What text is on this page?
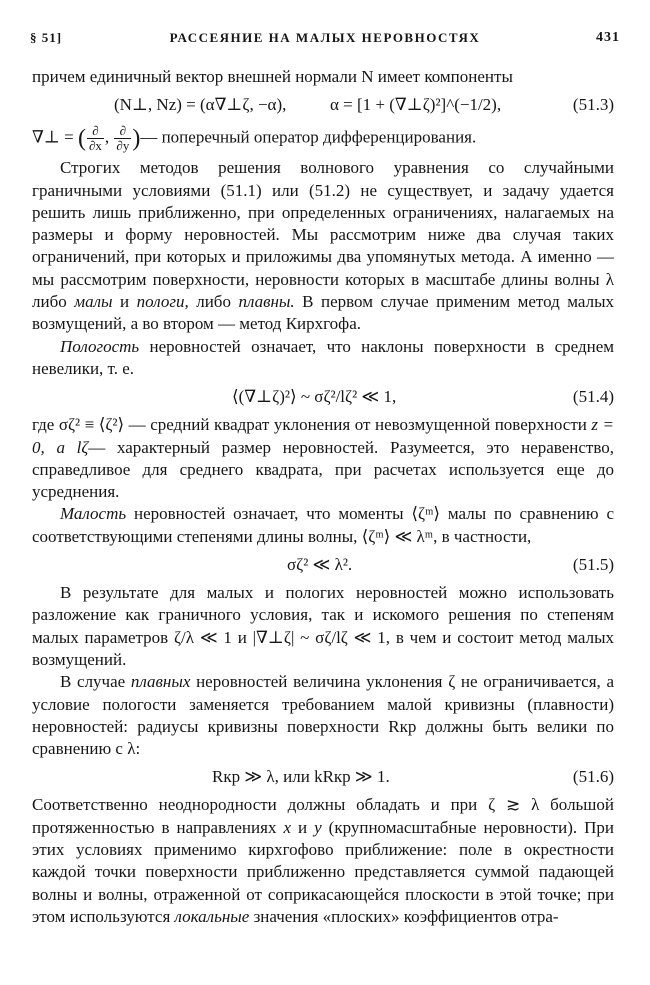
§ 51]	РАССЕЯНИЕ НА МАЛЫХ НЕРОВНОСТЯХ	431

причем единичный вектор внешней нормали N имеет компоненты

(N⊥, Nz) = (α∇⊥ζ, −α),	α = [1 + (∇⊥ζ)²]^(−1/2),	(51.3)
∇⊥ = ( $\frac{\partial}{\partial x}$ , $\frac{\partial}{\partial y}$ )— поперечный оператор дифференцирования.

Строгих методов решения волнового уравнения со случайными граничными условиями (51.1) или (51.2) не существует, и задачу удается решить лишь приближенно, при определенных ограничениях, налагаемых на размеры и форму неровностей. Мы рассмотрим ниже два случая таких ограничений, при которых и приложимы два упомянутых метода. А именно — мы рассмотрим поверхности, неровности которых в масштабе длины волны λ либо малы и пологи, либо плавны. В первом случае применим метод малых возмущений, а во втором — метод Кирхгофа.

Пологость неровностей означает, что наклоны поверхности в среднем невелики, т. е.

⟨(∇⊥ζ)²⟩ ~ σζ²/lζ² ≪ 1,	(51.4)

где σζ² ≡ ⟨ζ²⟩ — средний квадрат уклонения от невозмущенной поверхности z = 0, а lζ— характерный размер неровностей. Разумеется, это неравенство, справедливое для среднего квадрата, при расчетах используется еще до усреднения.

Малость неровностей означает, что моменты ⟨ζᵐ⟩ малы по сравнению с соответствующими степенями длины волны, ⟨ζᵐ⟩ ≪ λᵐ, в частности,

σζ² ≪ λ².	(51.5)

В результате для малых и пологих неровностей можно использовать разложение как граничного условия, так и искомого решения по степеням малых параметров ζ/λ ≪ 1 и |∇⊥ζ| ~ σζ/lζ ≪ 1, в чем и состоит метод малых возмущений.

В случае плавных неровностей величина уклонения ζ не ограничивается, а условие пологости заменяется требованием малой кривизны (плавности) неровностей: радиусы кривизны поверхности Rкр должны быть велики по сравнению с λ:

Rкр ≫ λ, или kRкр ≫ 1.	(51.6)

Соответственно неоднородности должны обладать и при ζ ≳ λ большой протяженностью в направлениях x и y (крупномасштабные неровности). При этих условиях применимо кирхгофово приближение: поле в окрестности каждой точки поверхности приближенно представляется суммой падающей волны и волны, отраженной от соприкасающейся плоскости в этой точке; при этом используются локальные значения «плоских» коэффициентов отра-
